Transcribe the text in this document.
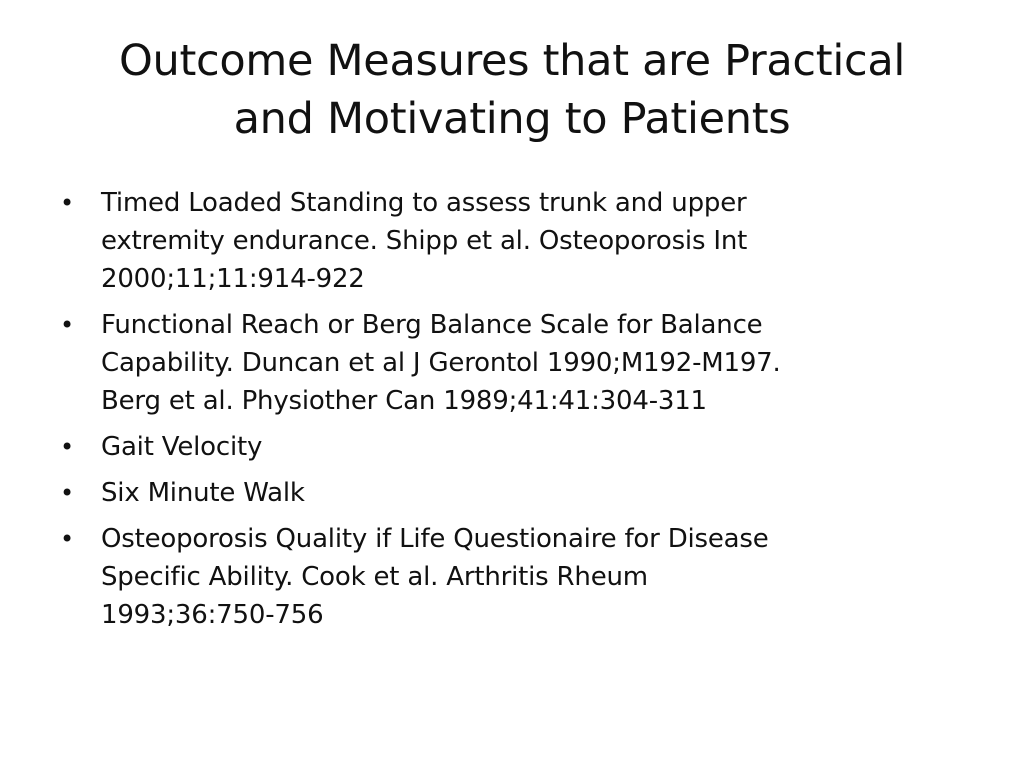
Outcome Measures that are Practical
and Motivating to Patients
• Timed Loaded Standing to assess trunk and upper
extremity endurance. Shipp et al. Osteoporosis Int
2000;11;11:914-922
• Functional Reach or Berg Balance Scale for Balance
Capability. Duncan et al J Gerontol 1990;M192-M197.
Berg et al. Physiother Can 1989;41:41:304-311
• Gait Velocity
• Six Minute Walk
• Osteoporosis Quality if Life Questionaire for Disease
Specific Ability. Cook et al. Arthritis Rheum
1993;36:750-756
